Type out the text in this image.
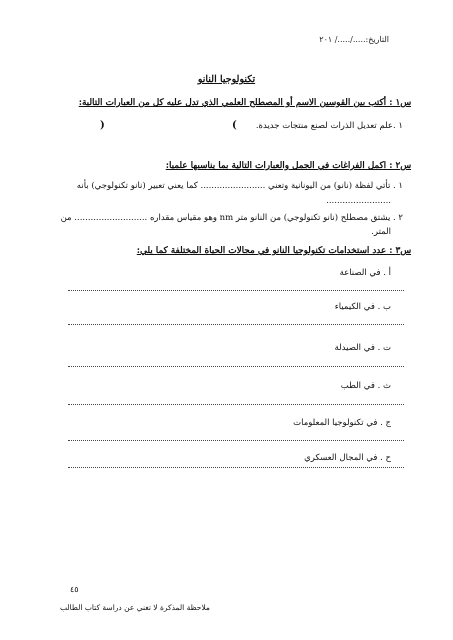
التاريخ:...../...../ ٢٠١
تكنولوجيا النانو
س١ : أكتب بين القوسين الاسم أو المصطلح العلمي الذي تدل عليه كل من العبارات التالية:
١ .علم تعديل الذرات لصنع منتجات جديدة.
(
)
س٢ : اكمل الفراغات في الجمل والعبارات التالية بما يناسبها علميا:
١ . تأتي لفظة (نانو) من اليونانية وتعني ........................ كما يعني تعبير (نانو تكنولوجي) بأنه
........................
٢ . يشتق مصطلح (نانو تكنولوجي) من النانو متر nm وهو مقياس مقداره ........................... من
المتر.
س٣ : عدد استخدامات تكنولوجيا النانو في مجالات الحياة المختلفة كما يلي:
أ . في الصناعة
ب . في الكيمياء
ت . في الصيدلة
ث . في الطب
ج . في تكنولوجيا المعلومات
ح . في المجال العسكري
٤٥
ملاحظة المذكرة لا تغني عن دراسة كتاب الطالب
